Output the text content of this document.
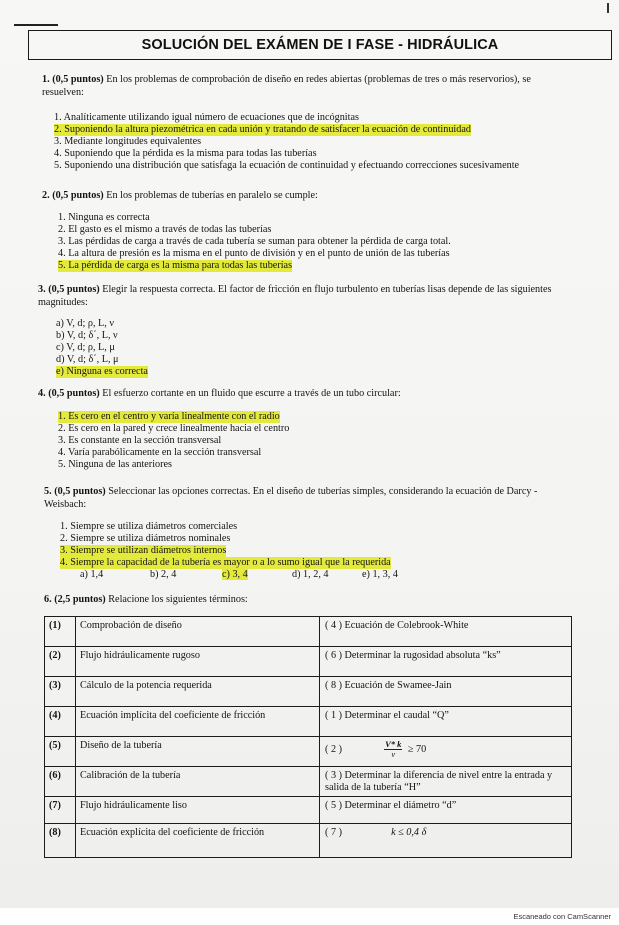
SOLUCIÓN DEL EXÁMEN DE I FASE - HIDRÁULICA
1. (0,5 puntos) En los problemas de comprobación de diseño en redes abiertas (problemas de tres o más reservorios), se resuelven:
1. Analíticamente utilizando igual número de ecuaciones que de incógnitas
2. Suponiendo la altura piezométrica en cada unión y tratando de satisfacer la ecuación de continuidad
3. Mediante longitudes equivalentes
4. Suponiendo que la pérdida es la misma para todas las tuberías
5. Suponiendo una distribución que satisfaga la ecuación de continuidad y efectuando correcciones sucesivamente
2. (0,5 puntos) En los problemas de tuberías en paralelo se cumple:
1. Ninguna es correcta
2. El gasto es el mismo a través de todas las tuberías
3. Las pérdidas de carga a través de cada tubería se suman para obtener la pérdida de carga total.
4. La altura de presión es la misma en el punto de división y en el punto de unión de las tuberías
5. La pérdida de carga es la misma para todas las tuberías
3. (0,5 puntos) Elegir la respuesta correcta. El factor de fricción en flujo turbulento en tuberías lisas depende de las siguientes magnitudes:
a) V, d; ρ, L, ν
b) V, d; δ´, L, ν
c) V, d; ρ, L, μ
d) V, d; δ´, L, μ
e) Ninguna es correcta
4. (0,5 puntos) El esfuerzo cortante en un fluido que escurre a través de un tubo circular:
1. Es cero en el centro y varía linealmente con el radio
2. Es cero en la pared y crece linealmente hacia el centro
3. Es constante en la sección transversal
4. Varía parabólicamente en la sección transversal
5. Ninguna de las anteriores
5. (0,5 puntos) Seleccionar las opciones correctas. En el diseño de tuberías simples, considerando la ecuación de Darcy - Weisbach:
1. Siempre se utiliza diámetros comerciales
2. Siempre se utiliza diámetros nominales
3. Siempre se utilizan diámetros internos
4. Siempre la capacidad de la tubería es mayor o a lo sumo igual que la requerida
a) 1,4	b) 2, 4	c) 3, 4	d) 1, 2, 4	e) 1, 3, 4
6. (2,5 puntos) Relacione los siguientes términos:
(1)	Comprobación de diseño	( 4 ) Ecuación de Colebrook-White
(2)	Flujo hidráulicamente rugoso	( 6 ) Determinar la rugosidad absoluta “ks”
(3)	Cálculo de la potencia requerida	( 8 ) Ecuación de Swamee-Jain
(4)	Ecuación implícita del coeficiente de fricción	( 1 ) Determinar el caudal “Q”
(5)	Diseño de la tubería	( 2 ) $\frac{V* k}{\nu} \ge 70$
(6)	Calibración de la tubería	( 3 ) Determinar la diferencia de nivel entre la entrada y salida de la tubería “H”
(7)	Flujo hidráulicamente liso	( 5 ) Determinar el diámetro “d”
(8)	Ecuación explícita del coeficiente de fricción	( 7 ) k ≤ 0,4 δ
Escaneado con CamScanner
